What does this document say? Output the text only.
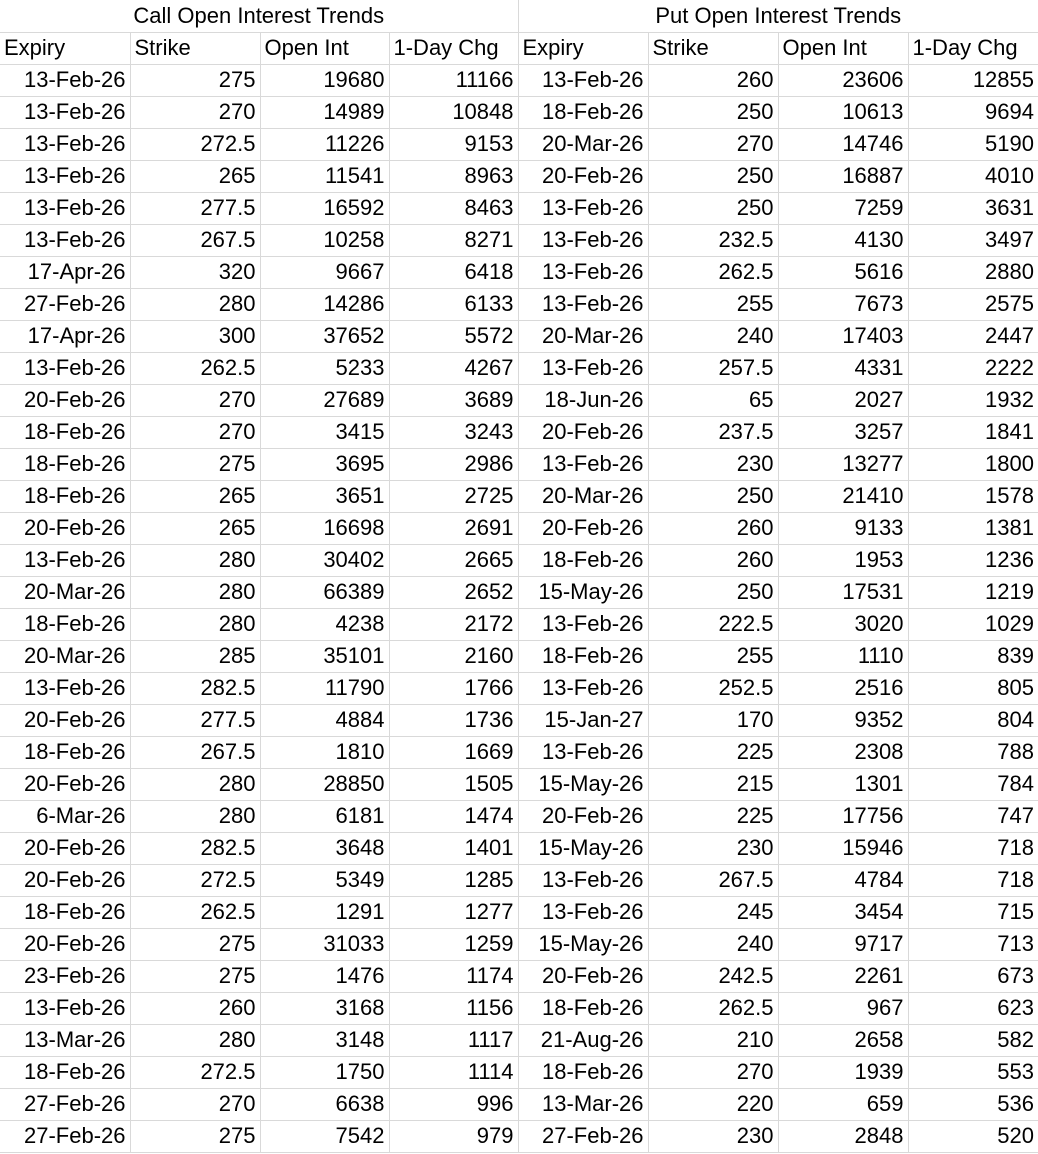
Call Open Interest Trends				Put Open Interest Trends			
Expiry	Strike	Open Int	1-Day Chg	Expiry	Strike	Open Int	1-Day Chg
13-Feb-26	275	19680	11166	13-Feb-26	260	23606	12855
13-Feb-26	270	14989	10848	18-Feb-26	250	10613	9694
13-Feb-26	272.5	11226	9153	20-Mar-26	270	14746	5190
13-Feb-26	265	11541	8963	20-Feb-26	250	16887	4010
13-Feb-26	277.5	16592	8463	13-Feb-26	250	7259	3631
13-Feb-26	267.5	10258	8271	13-Feb-26	232.5	4130	3497
17-Apr-26	320	9667	6418	13-Feb-26	262.5	5616	2880
27-Feb-26	280	14286	6133	13-Feb-26	255	7673	2575
17-Apr-26	300	37652	5572	20-Mar-26	240	17403	2447
13-Feb-26	262.5	5233	4267	13-Feb-26	257.5	4331	2222
20-Feb-26	270	27689	3689	18-Jun-26	65	2027	1932
18-Feb-26	270	3415	3243	20-Feb-26	237.5	3257	1841
18-Feb-26	275	3695	2986	13-Feb-26	230	13277	1800
18-Feb-26	265	3651	2725	20-Mar-26	250	21410	1578
20-Feb-26	265	16698	2691	20-Feb-26	260	9133	1381
13-Feb-26	280	30402	2665	18-Feb-26	260	1953	1236
20-Mar-26	280	66389	2652	15-May-26	250	17531	1219
18-Feb-26	280	4238	2172	13-Feb-26	222.5	3020	1029
20-Mar-26	285	35101	2160	18-Feb-26	255	1110	839
13-Feb-26	282.5	11790	1766	13-Feb-26	252.5	2516	805
20-Feb-26	277.5	4884	1736	15-Jan-27	170	9352	804
18-Feb-26	267.5	1810	1669	13-Feb-26	225	2308	788
20-Feb-26	280	28850	1505	15-May-26	215	1301	784
6-Mar-26	280	6181	1474	20-Feb-26	225	17756	747
20-Feb-26	282.5	3648	1401	15-May-26	230	15946	718
20-Feb-26	272.5	5349	1285	13-Feb-26	267.5	4784	718
18-Feb-26	262.5	1291	1277	13-Feb-26	245	3454	715
20-Feb-26	275	31033	1259	15-May-26	240	9717	713
23-Feb-26	275	1476	1174	20-Feb-26	242.5	2261	673
13-Feb-26	260	3168	1156	18-Feb-26	262.5	967	623
13-Mar-26	280	3148	1117	21-Aug-26	210	2658	582
18-Feb-26	272.5	1750	1114	18-Feb-26	270	1939	553
27-Feb-26	270	6638	996	13-Mar-26	220	659	536
27-Feb-26	275	7542	979	27-Feb-26	230	2848	520
